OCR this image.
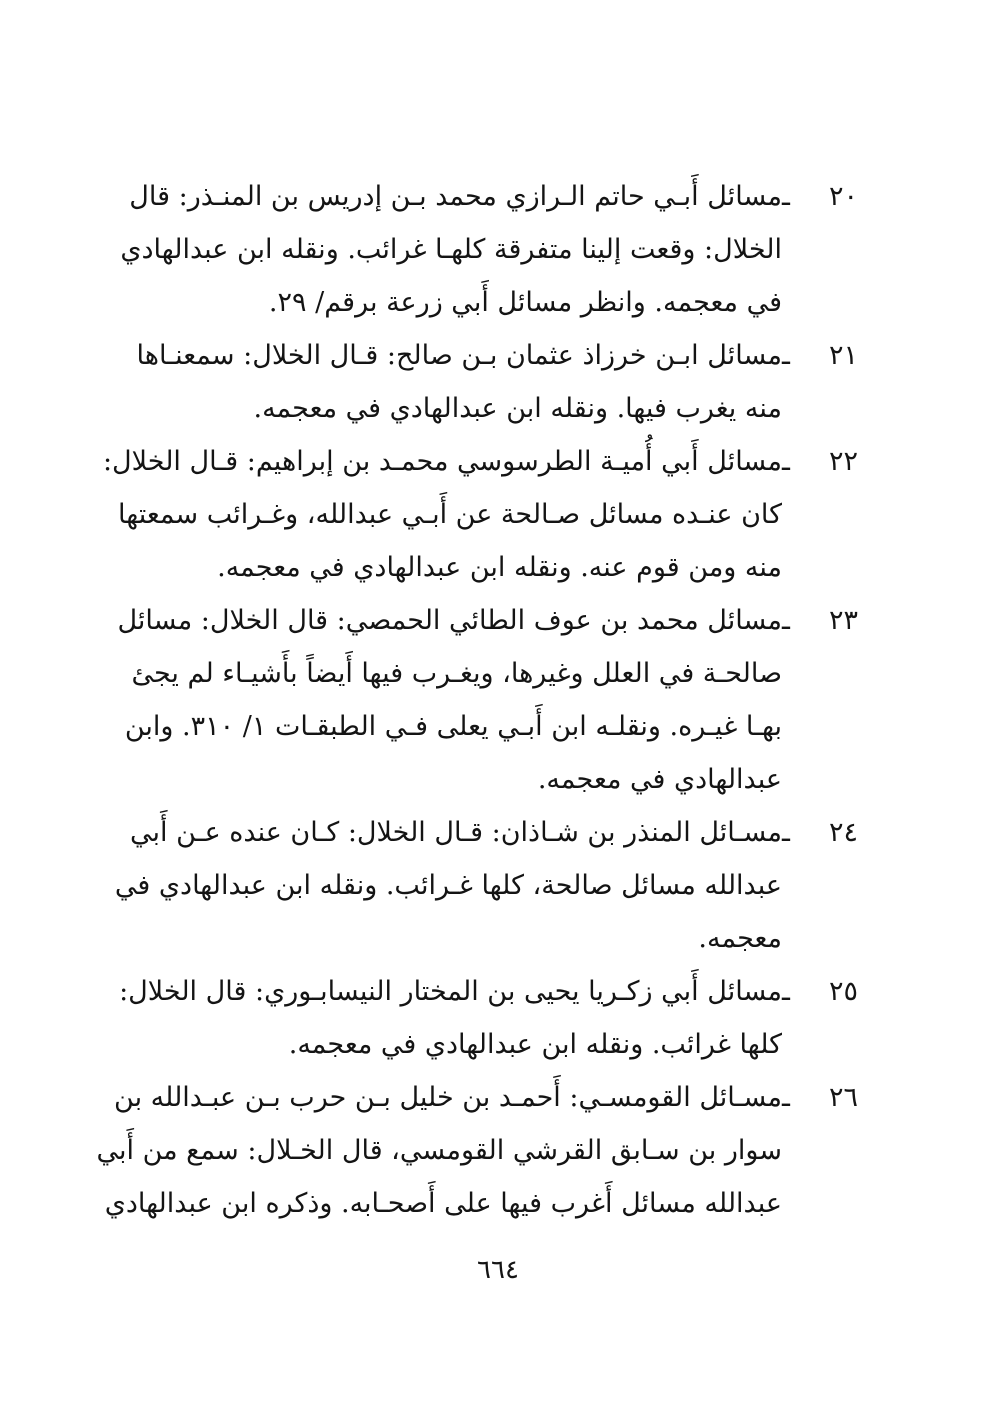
٢٠ ـمسائل أَبـي حاتم الـرازي محمد بـن إدريس بن المنـذر: قال
الخلال: وقعت إلينا متفرقة كلهـا غرائب. ونقله ابن عبدالهادي
في معجمه. وانظر مسائل أَبي زرعة برقم/ ٢٩.
٢١ ـمسائل ابـن خرزاذ عثمان بـن صالح: قـال الخلال: سمعنـاها
منه يغرب فيها. ونقله ابن عبدالهادي في معجمه.
٢٢ ـمسائل أَبي أُميـة الطرسوسي محمـد بن إبراهيم: قـال الخلال:
كان عنـده مسائل صـالحة عن أَبـي عبدالله، وغـرائب سمعتها
منه ومن قوم عنه. ونقله ابن عبدالهادي في معجمه.
٢٣ ـمسائل محمد بن عوف الطائي الحمصي: قال الخلال: مسائل
صالحـة في العلل وغيرها، ويغـرب فيها أَيضاً بأَشيـاء لم يجئ
بهـا غيـره. ونقلـه ابن أَبـي يعلى فـي الطبقـات ١/ ٣١٠. وابن
عبدالهادي في معجمه.
٢٤ ـمسـائل المنذر بن شـاذان: قـال الخلال: كـان عنده عـن أَبي
عبدالله مسائل صالحة، كلها غـرائب. ونقله ابن عبدالهادي في
معجمه.
٢٥ ـمسائل أَبي زكـريا يحيى بن المختار النيسابـوري: قال الخلال:
كلها غرائب. ونقله ابن عبدالهادي في معجمه.
٢٦ ـمسـائل القومسـي: أَحمـد بن خليل بـن حرب بـن عبـدالله بن
سوار بن سـابق القرشي القومسي، قال الخـلال: سمع من أَبي
عبدالله مسائل أَغرب فيها على أَصحـابه. وذكره ابن عبدالهادي
٦٦٤
